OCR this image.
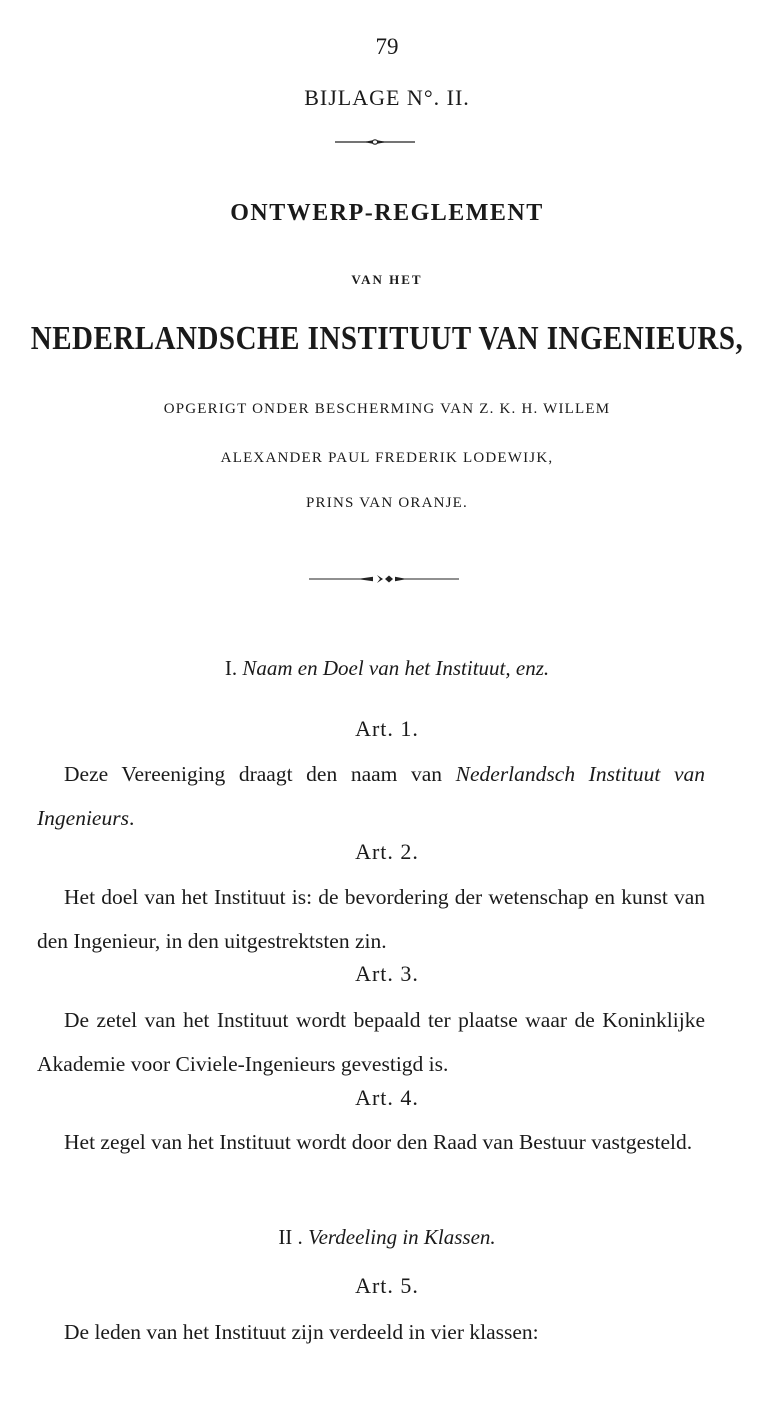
79
BIJLAGE N°. II.
ONTWERP-REGLEMENT
VAN HET
NEDERLANDSCHE INSTITUUT VAN INGENIEURS,
OPGERIGT ONDER BESCHERMING VAN Z. K. H. WILLEM
ALEXANDER PAUL FREDERIK LODEWIJK,
PRINS VAN ORANJE.
I. Naam en Doel van het Instituut, enz.
Art. 1.
Deze Vereeniging draagt den naam van Nederlandsch Instituut van Ingenieurs.
Art. 2.
Het doel van het Instituut is: de bevordering der wetenschap en kunst van den Ingenieur, in den uitgestrektsten zin.
Art. 3.
De zetel van het Instituut wordt bepaald ter plaatse waar de Koninklijke Akademie voor Civiele-Ingenieurs gevestigd is.
Art. 4.
Het zegel van het Instituut wordt door den Raad van Bestuur vastgesteld.
II . Verdeeling in Klassen.
Art. 5.
De leden van het Instituut zijn verdeeld in vier klassen:
